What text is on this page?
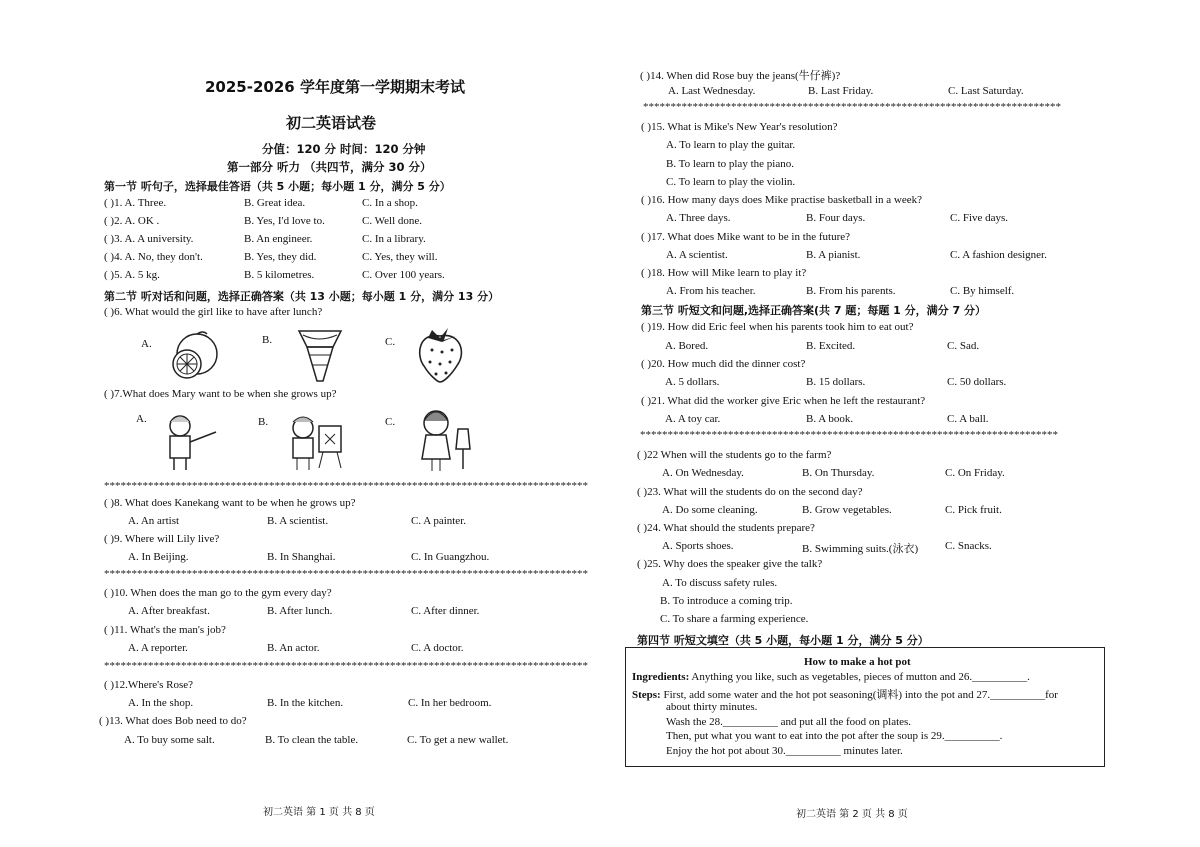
2025-2026 学年度第一学期期末考试
初二英语试卷
分值：120 分 时间：120 分钟
第一部分 听力 （共四节，满分 30 分）
第一节 听句子，选择最佳答语（共 5 小题；每小题 1 分，满分 5 分）
( )1. A. Three.	B. Great idea.	C. In a shop.
( )2. A. OK .	B. Yes, I'd love to.	C. Well done.
( )3. A. A university.	B. An engineer.	C. In a library.
( )4. A. No, they don't.	B. Yes, they did.	C. Yes, they will.
( )5. A. 5 kg.	B. 5 kilometres.	C. Over 100 years.
第二节 听对话和问题，选择正确答案（共 13 小题；每小题 1 分，满分 13 分）
( )6. What would the girl like to have after lunch?
A.	B.	C.
( )7.What does Mary want to be when she grows up?
A.	B.	C.
****************************************************************************************
( )8. What does Kanekang want to be when he grows up?
A. An artist	B. A scientist.	C. A painter.
( )9. Where will Lily live?
A. In Beijing.	B. In Shanghai.	C. In Guangzhou.
****************************************************************************************
( )10. When does the man go to the gym every day?
A. After breakfast.	B. After lunch.	C. After dinner.
( )11. What's the man's job?
A. A reporter.	B. An actor.	C. A doctor.
****************************************************************************************
( )12.Where's Rose?
A. In the shop.	B. In the kitchen.	C. In her bedroom.
( )13. What does Bob need to do?
A. To buy some salt.	B. To clean the table.	C. To get a new wallet.
初二英语 第 1 页 共 8 页
( )14. When did Rose buy the jeans(牛仔裤)?
A. Last Wednesday.	B. Last Friday.	C. Last Saturday.
****************************************************************************
( )15. What is Mike's New Year's resolution?
A. To learn to play the guitar.
B. To learn to play the piano.
C. To learn to play the violin.
( )16. How many days does Mike practise basketball in a week?
A. Three days.	B. Four days.	C. Five days.
( )17. What does Mike want to be in the future?
A. A scientist.	B. A pianist.	C. A fashion designer.
( )18. How will Mike learn to play it?
A. From his teacher.	B. From his parents.	C. By himself.
第三节 听短文和问题,选择正确答案(共 7 题；每题 1 分，满分 7 分）
( )19. How did Eric feel when his parents took him to eat out?
A. Bored.	B. Excited.	C. Sad.
( )20. How much did the dinner cost?
A. 5 dollars.	B. 15 dollars.	C. 50 dollars.
( )21. What did the worker give Eric when he left the restaurant?
A. A toy car.	B. A book.	C. A ball.
****************************************************************************
( )22 When will the students go to the farm?
A. On Wednesday.	B. On Thursday.	C. On Friday.
( )23. What will the students do on the second day?
A. Do some cleaning.	B. Grow vegetables.	C. Pick fruit.
( )24. What should the students prepare?
A. Sports shoes.	B. Swimming suits.(泳衣) C. Snacks.
( )25. Why does the speaker give the talk?
A. To discuss safety rules.
B. To introduce a coming trip.
C. To share a farming experience.
第四节 听短文填空（共 5 小题，每小题 1 分，满分 5 分）
How to make a hot pot
Ingredients: Anything you like, such as vegetables, pieces of mutton and 26.__________.
Steps: First, add some water and the hot pot seasoning(调料) into the pot and 27.__________for
about thirty minutes.
Wash the 28.__________ and put all the food on plates.
Then, put what you want to eat into the pot after the soup is 29.__________.
Enjoy the hot pot about 30.__________ minutes later.
初二英语 第 2 页 共 8 页
